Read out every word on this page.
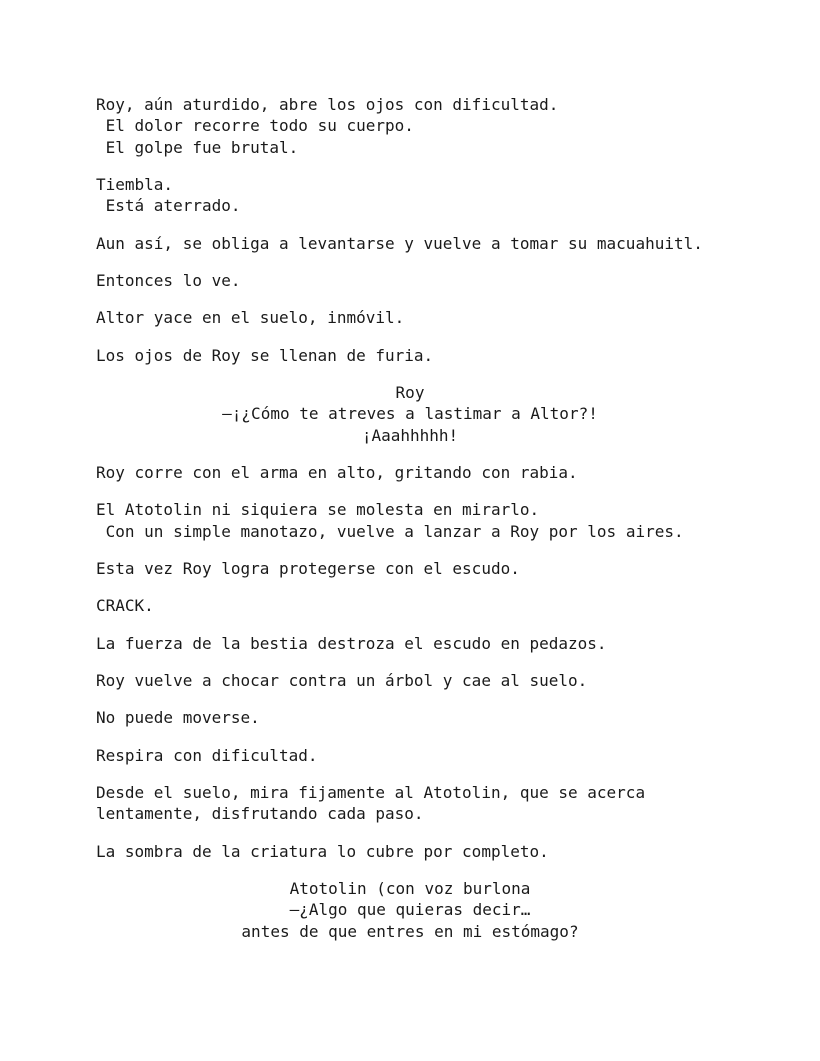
Roy, aún aturdido, abre los ojos con dificultad.
El dolor recorre todo su cuerpo.
El golpe fue brutal.

Tiembla.
Está aterrado.

Aun así, se obliga a levantarse y vuelve a tomar su macuahuitl.

Entonces lo ve.

Altor yace en el suelo, inmóvil.

Los ojos de Roy se llenan de furia.

Roy
—¡¿Cómo te atreves a lastimar a Altor?!
¡Aaahhhhh!

Roy corre con el arma en alto, gritando con rabia.

El Atotolin ni siquiera se molesta en mirarlo.
Con un simple manotazo, vuelve a lanzar a Roy por los aires.

Esta vez Roy logra protegerse con el escudo.

CRACK.

La fuerza de la bestia destroza el escudo en pedazos.

Roy vuelve a chocar contra un árbol y cae al suelo.

No puede moverse.

Respira con dificultad.

Desde el suelo, mira fijamente al Atotolin, que se acerca
lentamente, disfrutando cada paso.

La sombra de la criatura lo cubre por completo.

Atotolin (con voz burlona
—¿Algo que quieras decir…
antes de que entres en mi estómago?
